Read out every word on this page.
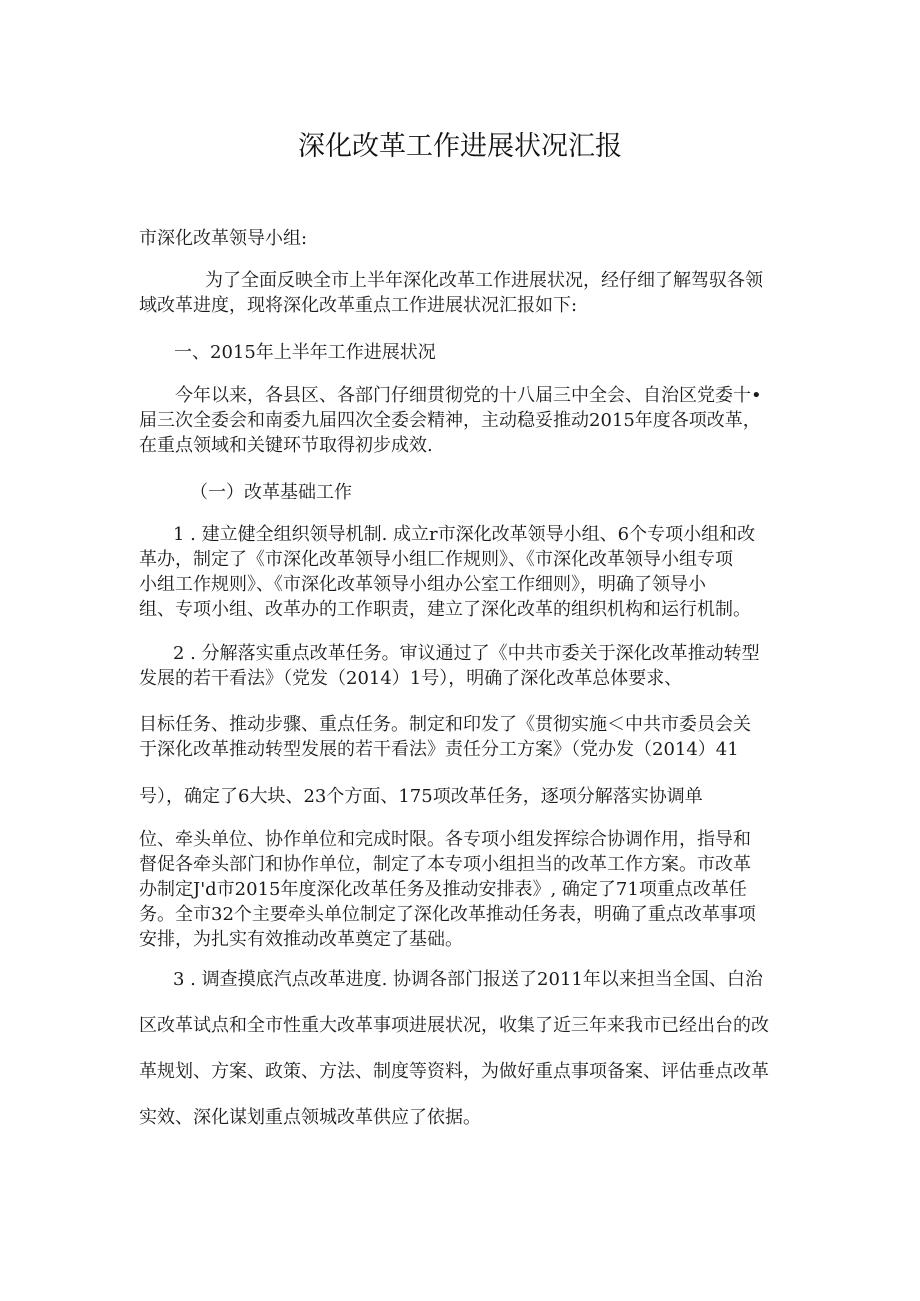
深化改革工作进展状况汇报

市深化改革领导小组:

为了全面反映全市上半年深化改革工作进展状况，经仔细了解驾驭各领
域改革进度，现将深化改革重点工作进展状况汇报如下:

一、2015年上半年工作进展状况

今年以来，各县区、各部门仔细贯彻党的十八届三中全会、自治区党委十•
届三次全委会和南委九届四次全委会精神，主动稳妥推动2015年度各项改革，
在重点领域和关键环节取得初步成效.

（一）改革基础工作

1 . 建立健全组织领导机制. 成立r市深化改革领导小组、6个专项小组和改
革办，制定了《市深化改革领导小组匚作规则》、《市深化改革领导小组专项
小组工作规则》、《市深化改革领导小组办公室工作细则》，明确了领导小
组、专项小组、改革办的工作职责，建立了深化改革的组织机构和运行机制。

2 . 分解落实重点改革任务。审议通过了《中共市委关于深化改革推动转型
发展的若干看法》（党发（2014）1号），明确了深化改革总体要求、

目标任务、推动步骤、重点任务。制定和印发了《贯彻实施＜中共市委员会关
于深化改革推动转型发展的若干看法》责任分工方案》（党办发（2014）41

号），确定了6大块、23个方面、175项改革任务，逐项分解落实协调单

位、牵头单位、协作单位和完成时限。各专项小组发挥综合协调作用，指导和
督促各牵头部门和协作单位，制定了本专项小组担当的改革工作方案。市改革
办制定J'd市2015年度深化改革任务及推动安排表》, 确定了71项重点改革任
务。全市32个主要牵头单位制定了深化改革推动任务表，明确了重点改革事项
安排，为扎实有效推动改革奠定了基础。

3 . 调查摸底汽点改革进度. 协调各部门报送了2011年以来担当全国、白治
区改革试点和全市性重大改革事项进展状况，收集了近三年来我市已经出台的改
革规划、方案、政策、方法、制度等资料，为做好重点事项备案、评估垂点改革
实效、深化谋划重点领城改革供应了依据。
